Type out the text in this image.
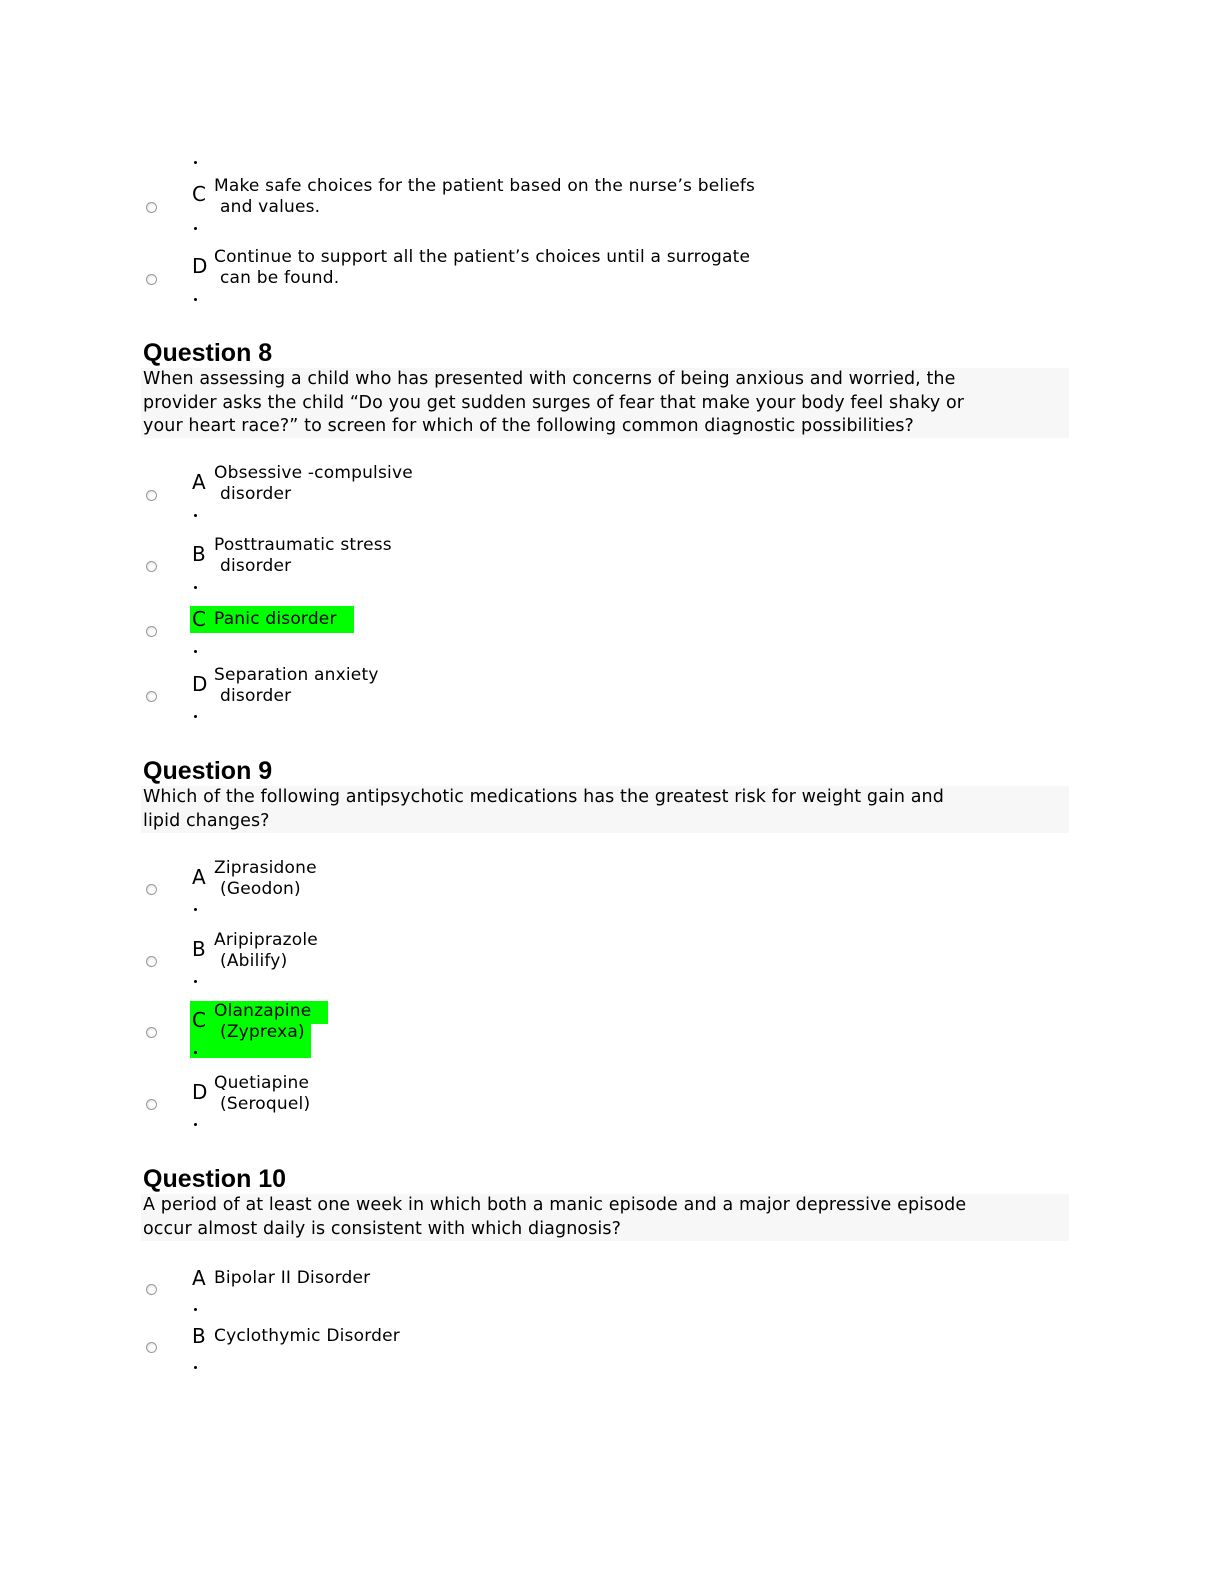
C Make safe choices for the patient based on the nurse’s beliefs
and values.
D Continue to support all the patient’s choices until a surrogate
can be found.
Question 8
When assessing a child who has presented with concerns of being anxious and worried, the
provider asks the child “Do you get sudden surges of fear that make your body feel shaky or
your heart race?” to screen for which of the following common diagnostic possibilities?
A Obsessive -compulsive
disorder
B Posttraumatic stress
disorder
C Panic disorder
D Separation anxiety
disorder
Question 9
Which of the following antipsychotic medications has the greatest risk for weight gain and
lipid changes?
A Ziprasidone
(Geodon)
B Aripiprazole
(Abilify)
C Olanzapine
(Zyprexa)
D Quetiapine
(Seroquel)
Question 10
A period of at least one week in which both a manic episode and a major depressive episode
occur almost daily is consistent with which diagnosis?
A Bipolar II Disorder
B Cyclothymic Disorder
